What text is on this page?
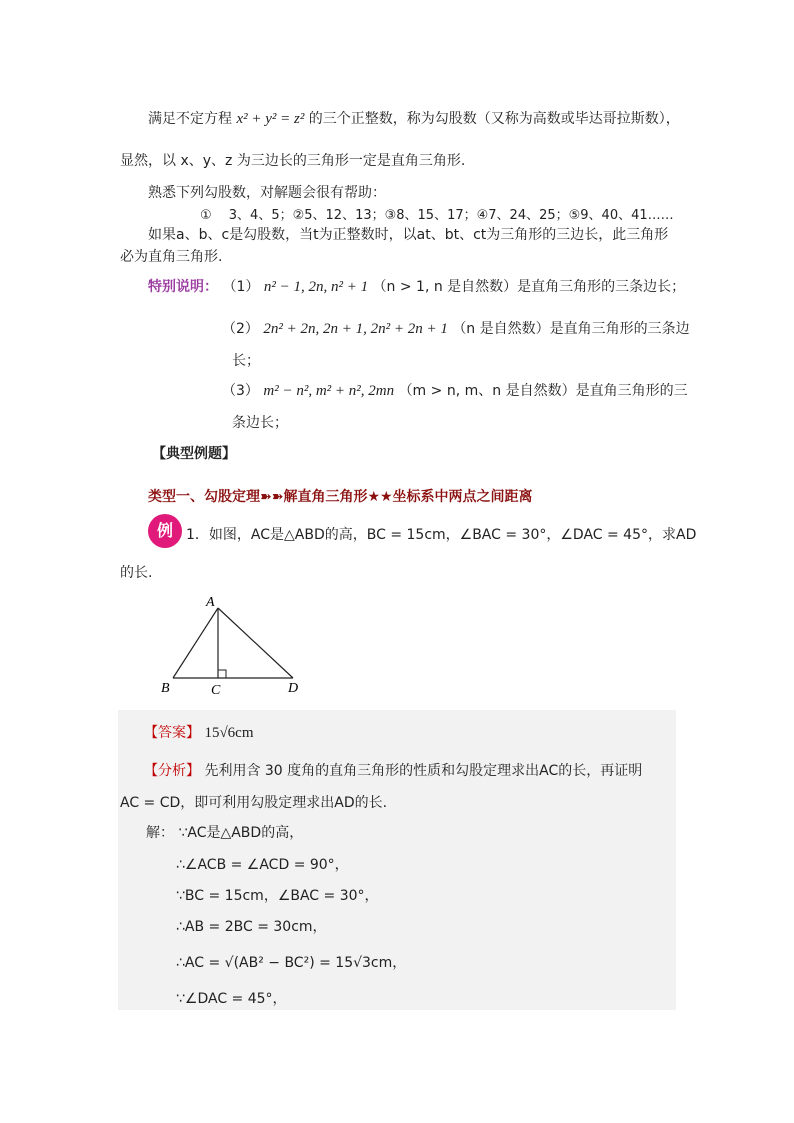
满足不定方程 x² + y² = z² 的三个正整数，称为勾股数（又称为高数或毕达哥拉斯数），
显然，以 x、y、z 为三边长的三角形一定是直角三角形.
熟悉下列勾股数，对解题会很有帮助：
①　 3、4、5；②5、12、13；③8、15、17；④7、24、25；⑤9、40、41……
如果a、b、c是勾股数，当t为正整数时，以at、bt、ct为三角形的三边长，此三角形
必为直角三角形.
特别说明： （1） n² − 1, 2n, n² + 1 （n > 1, n 是自然数）是直角三角形的三条边长；
（2） 2n² + 2n, 2n + 1, 2n² + 2n + 1 （n 是自然数）是直角三角形的三条边
长；
（3） m² − n², m² + n², 2mn （m > n, m、n 是自然数）是直角三角形的三
条边长；
【典型例题】
类型一、勾股定理➽➽解直角三角形★★坐标系中两点之间距离
例 1．如图，AC是△ABD的高，BC = 15cm，∠BAC = 30°，∠DAC = 45°，求AD
的长.
A
B	C	D
【答案】 15√6cm
【分析】 先利用含 30 度角的直角三角形的性质和勾股定理求出AC的长，再证明
AC = CD，即可利用勾股定理求出AD的长.
解： ∵AC是△ABD的高，
∴∠ACB = ∠ACD = 90°，
∵BC = 15cm，∠BAC = 30°，
∴AB = 2BC = 30cm，
∴AC = √(AB² − BC²) = 15√3cm，
∵∠DAC = 45°，
